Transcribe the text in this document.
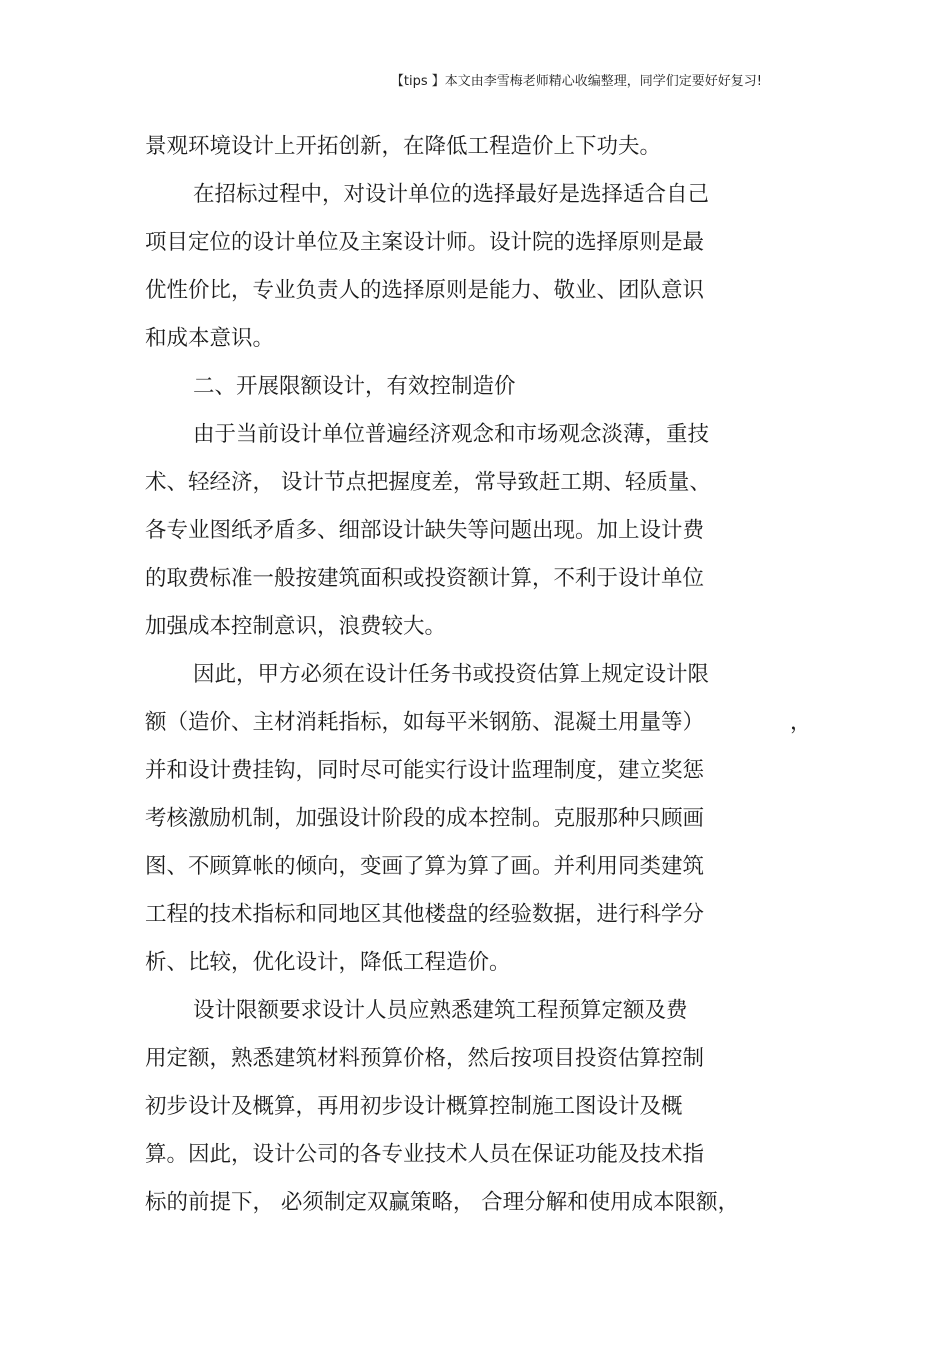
【tips 】本文由李雪梅老师精心收编整理，同学们定要好好复习!
景观环境设计上开拓创新，在降低工程造价上下功夫。
在招标过程中，对设计单位的选择最好是选择适合自己
项目定位的设计单位及主案设计师。设计院的选择原则是最
优性价比，专业负责人的选择原则是能力、敬业、团队意识
和成本意识。
二、开展限额设计，有效控制造价
由于当前设计单位普遍经济观念和市场观念淡薄，重技
术、轻经济， 设计节点把握度差，常导致赶工期、轻质量、
各专业图纸矛盾多、细部设计缺失等问题出现。加上设计费
的取费标准一般按建筑面积或投资额计算，不利于设计单位
加强成本控制意识，浪费较大。
因此，甲方必须在设计任务书或投资估算上规定设计限
额（造价、主材消耗指标，如每平米钢筋、混凝土用量等）	，
并和设计费挂钩，同时尽可能实行设计监理制度，建立奖惩
考核激励机制，加强设计阶段的成本控制。克服那种只顾画
图、不顾算帐的倾向，变画了算为算了画。并利用同类建筑
工程的技术指标和同地区其他楼盘的经验数据，进行科学分
析、比较，优化设计，降低工程造价。
设计限额要求设计人员应熟悉建筑工程预算定额及费
用定额，熟悉建筑材料预算价格，然后按项目投资估算控制
初步设计及概算，再用初步设计概算控制施工图设计及概
算。因此，设计公司的各专业技术人员在保证功能及技术指
标的前提下， 必须制定双赢策略， 合理分解和使用成本限额，
